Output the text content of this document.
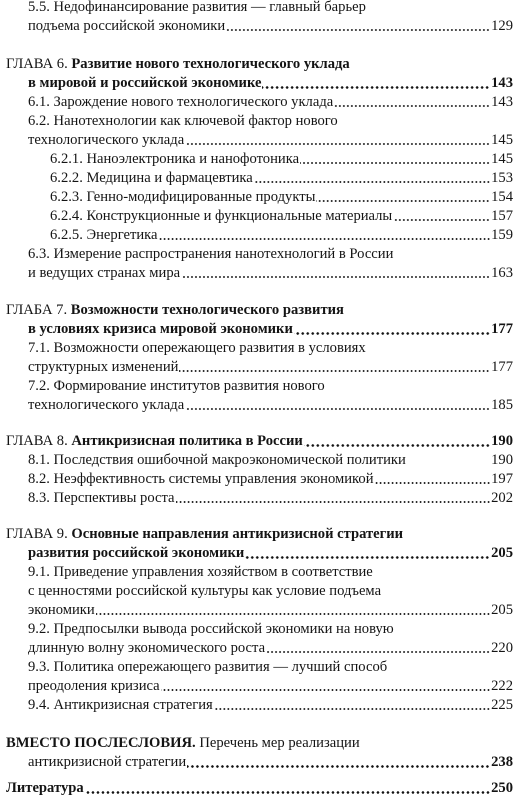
5.5. Недофинансирование развития — главный барьер
подъема российской экономики	129
ГЛАВА 6. Развитие нового технологического уклада
в мировой и российской экономике	143
6.1. Зарождение нового технологического уклада	143
6.2. Нанотехнологии как ключевой фактор нового
технологического уклада	145
6.2.1. Наноэлектроника и нанофотоника	145
6.2.2. Медицина и фармацевтика	153
6.2.3. Генно-модифицированные продукты	154
6.2.4. Конструкционные и функциональные материалы	157
6.2.5. Энергетика	159
6.3. Измерение распространения нанотехнологий в России
и ведущих странах мира	163
ГЛАБА 7. Возможности технологического развития
в условиях кризиса мировой экономики	177
7.1. Возможности опережающего развития в условиях
структурных изменений	177
7.2. Формирование институтов развития нового
технологического уклада	185
ГЛАВА 8. Антикризисная политика в России	190
8.1. Последствия ошибочной макроэкономической политики	190
8.2. Неэффективность системы управления экономикой	197
8.3. Перспективы роста	202
ГЛАВА 9. Основные направления антикризисной стратегии
развития российской экономики	205
9.1. Приведение управления хозяйством в соответствие
с ценностями российской культуры как условие подъема
экономики	205
9.2. Предпосылки вывода российской экономики на новую
длинную волну экономического роста	220
9.3. Политика опережающего развития — лучший способ
преодоления кризиса	222
9.4. Антикризисная стратегия	225
ВМЕСТО ПОСЛЕСЛОВИЯ. Перечень мер реализации
антикризисной стратегии	238
Литература	250
